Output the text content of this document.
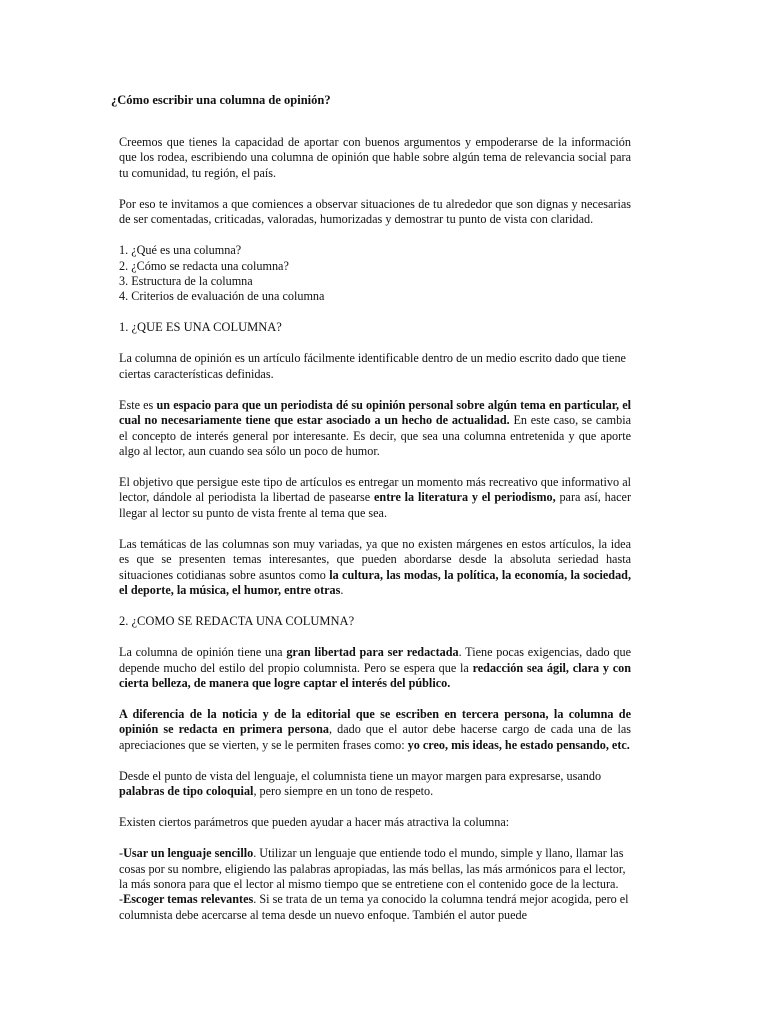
¿Cómo escribir una columna de opinión?

Creemos que tienes la capacidad de aportar con buenos argumentos y empoderarse de la información que los rodea, escribiendo una columna de opinión que hable sobre algún tema de relevancia social para tu comunidad, tu región, el país.

Por eso te invitamos a que comiences a observar situaciones de tu alrededor que son dignas y necesarias de ser comentadas, criticadas, valoradas, humorizadas y demostrar tu punto de vista con claridad.

1. ¿Qué es una columna?
2. ¿Cómo se redacta una columna?
3. Estructura de la columna
4. Criterios de evaluación de una columna

1. ¿QUE ES UNA COLUMNA?

La columna de opinión es un artículo fácilmente identificable dentro de un medio escrito dado que tiene ciertas características definidas.

Este es un espacio para que un periodista dé su opinión personal sobre algún tema en particular, el cual no necesariamente tiene que estar asociado a un hecho de actualidad. En este caso, se cambia el concepto de interés general por interesante. Es decir, que sea una columna entretenida y que aporte algo al lector, aun cuando sea sólo un poco de humor.

El objetivo que persigue este tipo de artículos es entregar un momento más recreativo que informativo al lector, dándole al periodista la libertad de pasearse entre la literatura y el periodismo, para así, hacer llegar al lector su punto de vista frente al tema que sea.

Las temáticas de las columnas son muy variadas, ya que no existen márgenes en estos artículos, la idea es que se presenten temas interesantes, que pueden abordarse desde la absoluta seriedad hasta situaciones cotidianas sobre asuntos como la cultura, las modas, la política, la economía, la sociedad, el deporte, la música, el humor, entre otras.

2. ¿COMO SE REDACTA UNA COLUMNA?

La columna de opinión tiene una gran libertad para ser redactada. Tiene pocas exigencias, dado que depende mucho del estilo del propio columnista. Pero se espera que la redacción sea ágil, clara y con cierta belleza, de manera que logre captar el interés del público.

A diferencia de la noticia y de la editorial que se escriben en tercera persona, la columna de opinión se redacta en primera persona, dado que el autor debe hacerse cargo de cada una de las apreciaciones que se vierten, y se le permiten frases como: yo creo, mis ideas, he estado pensando, etc.

Desde el punto de vista del lenguaje, el columnista tiene un mayor margen para expresarse, usando palabras de tipo coloquial, pero siempre en un tono de respeto.

Existen ciertos parámetros que pueden ayudar a hacer más atractiva la columna:

-Usar un lenguaje sencillo. Utilizar un lenguaje que entiende todo el mundo, simple y llano, llamar las cosas por su nombre, eligiendo las palabras apropiadas, las más bellas, las más armónicos para el lector, la más sonora para que el lector al mismo tiempo que se entretiene con el contenido goce de la lectura.

-Escoger temas relevantes. Si se trata de un tema ya conocido la columna tendrá mejor acogida, pero el columnista debe acercarse al tema desde un nuevo enfoque. También el autor puede
